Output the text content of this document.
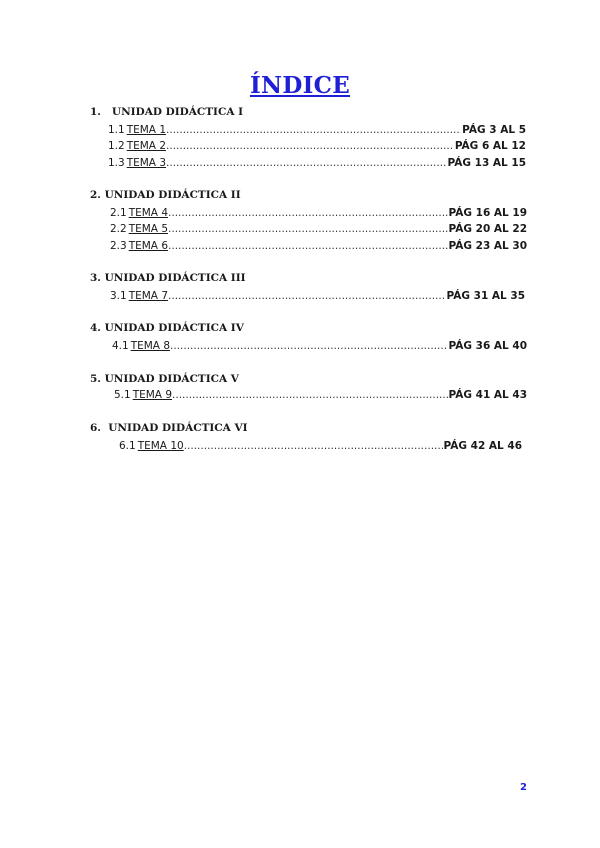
ÍNDICE
1.   UNIDAD DIDÁCTICA I
1.1 TEMA 1 .....	PÁG 3 AL 5
1.2 TEMA 2 .....	PÁG 6 AL 12
1.3 TEMA 3 .....	PÁG 13 AL 15
2. UNIDAD DIDÁCTICA II
2.1 TEMA 4 .....	PÁG 16 AL 19
2.2 TEMA 5 .....	PÁG 20 AL 22
2.3 TEMA 6 .....	PÁG 23 AL 30
3. UNIDAD DIDÁCTICA III
3.1 TEMA 7 .....	PÁG 31 AL 35
4. UNIDAD DIDÁCTICA IV
4.1 TEMA 8 .....	PÁG 36 AL 40
5. UNIDAD DIDÁCTICA V
5.1 TEMA 9 .....	PÁG 41 AL 43
6.  UNIDAD DIDÁCTICA VI
6.1 TEMA 10 .....	PÁG 42 AL 46
2
